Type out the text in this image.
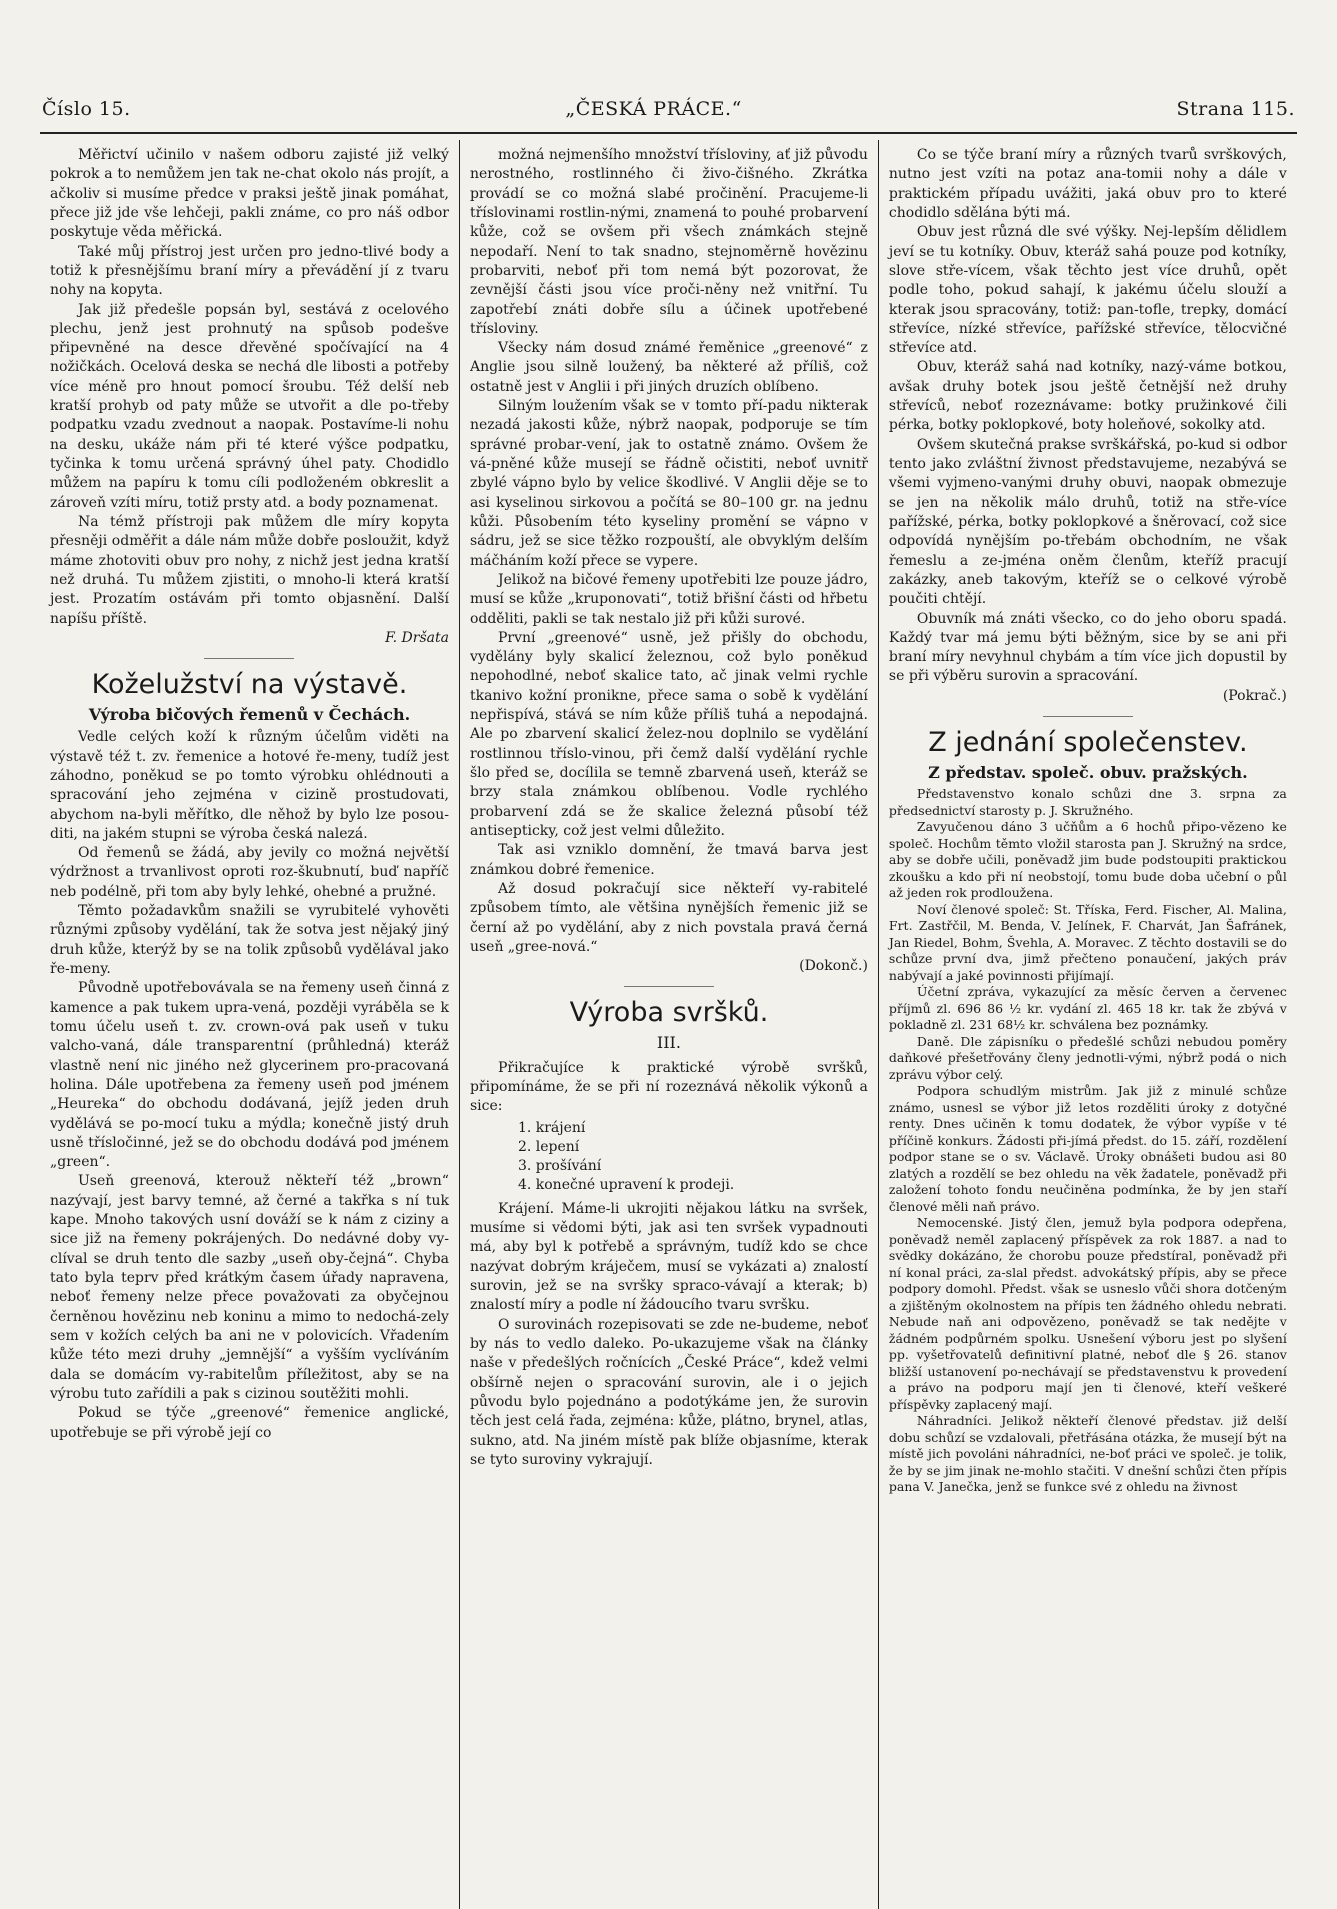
Číslo 15.	„ČESKÁ PRÁCE.“	Strana 115.

Měřictví učinilo v našem odboru zajisté již velký pokrok a to nemůžem jen tak ne-chat okolo nás projít, a ačkoliv si musíme předce v praksi ještě jinak pomáhat, přece již jde vše lehčeji, pakli známe, co pro náš odbor poskytuje věda měřická.

Také můj přístroj jest určen pro jedno-tlivé body a totiž k přesnějšímu braní míry a převádění jí z tvaru nohy na kopyta.

Jak již předešle popsán byl, sestává z ocelového plechu, jenž jest prohnutý na spůsob podešve připevněné na desce dřevěné spočívající na 4 nožičkách. Ocelová deska se nechá dle libosti a potřeby více méně pro hnout pomocí šroubu. Též delší neb kratší prohyb od paty může se utvořit a dle po-třeby podpatku vzadu zvednout a naopak. Postavíme-li nohu na desku, ukáže nám při té které výšce podpatku, tyčinka k tomu určená správný úhel paty. Chodidlo můžem na papíru k tomu cíli podloženém obkreslit a zároveň vzíti míru, totiž prsty atd. a body poznamenat.

Na témž přístroji pak můžem dle míry kopyta přesněji odměřit a dále nám může dobře posloužit, když máme zhotoviti obuv pro nohy, z nichž jest jedna kratší než druhá. Tu můžem zjistiti, o mnoho-li která kratší jest. Prozatím ostávám při tomto objasnění. Další napíšu příště.

F. Dršata

Koželužství na výstavě.
Výroba bičových řemenů v Čechách.

Vedle celých koží k různým účelům viděti na výstavě též t. zv. řemenice a hotové ře-meny, tudíž jest záhodno, poněkud se po tomto výrobku ohlédnouti a spracování jeho zejména v cizině prostudovati, abychom na-byli měřítko, dle něhož by bylo lze posou-diti, na jakém stupni se výroba česká nalezá.

Od řemenů se žádá, aby jevily co možná největší výdržnost a trvanlivost oproti roz-škubnutí, buď napříč neb podélně, při tom aby byly lehké, ohebné a pružné.

Těmto požadavkům snažili se vyrubitelé vyhověti různými způsoby vydělání, tak že sotva jest nějaký jiný druh kůže, kterýž by se na tolik způsobů vydělával jako ře-meny.

Původně upotřebovávala se na řemeny useň činná z kamence a pak tukem upra-vená, později vyráběla se k tomu účelu useň t. zv. crown-ová pak useň v tuku valcho-vaná, dále transparentní (průhledná) kteráž vlastně není nic jiného než glycerinem pro-pracovaná holina. Dále upotřebena za řemeny useň pod jménem „Heureka“ do obchodu dodávaná, jejíž jeden druh vydělává se po-mocí tuku a mýdla; konečně jistý druh usně třísločinné, jež se do obchodu dodává pod jménem „green“.

Useň greenová, kterouž někteří též „brown“ nazývají, jest barvy temné, až černé a takřka s ní tuk kape. Mnoho takových usní dováží se k nám z ciziny a sice již na řemeny pokrájených. Do nedávné doby vy-clíval se druh tento dle sazby „useň oby-čejná“. Chyba tato byla teprv před krátkým časem úřady napravena, neboť řemeny nelze přece považovati za obyčejnou černěnou hovězinu neb koninu a mimo to nedochá-zely sem v kožích celých ba ani ne v polovicích. Vřadením kůže této mezi druhy „jemnější“ a vyšším vyclíváním dala se domácím vy-rabitelům příležitost, aby se na výrobu tuto zařídili a pak s cizinou soutěžiti mohli.

Pokud se týče „greenové“ řemenice anglické, upotřebuje se při výrobě její co

možná nejmenšího množství třísloviny, ať již původu nerostného, rostlinného či živo-čišného. Zkrátka provádí se co možná slabé pročinění. Pracujeme-li tříslovinami rostlin-nými, znamená to pouhé probarvení kůže, což se ovšem při všech známkách stejně nepodaří. Není to tak snadno, stejnoměrně hovězinu probarviti, neboť při tom nemá být pozorovat, že zevnější části jsou více proči-něny než vnitřní. Tu zapotřebí znáti dobře sílu a účinek upotřebené třísloviny.

Všecky nám dosud známé řeměnice „greenové“ z Anglie jsou silně loužený, ba některé až příliš, což ostatně jest v Anglii i při jiných druzích oblíbeno.

Silným loužením však se v tomto pří-padu nikterak nezadá jakosti kůže, nýbrž naopak, podporuje se tím správné probar-vení, jak to ostatně známo. Ovšem že vá-pněné kůže musejí se řádně očistiti, neboť uvnitř zbylé vápno bylo by velice škodlivé. V Anglii děje se to asi kyselinou sirkovou a počítá se 80–100 gr. na jednu kůži. Působením této kyseliny promění se vápno v sádru, jež se sice těžko rozpouští, ale obvyklým delším máčháním koží přece se vypere.

Jelikož na bičové řemeny upotřebiti lze pouze jádro, musí se kůže „kruponovati“, totiž břišní části od hřbetu odděliti, pakli se tak nestalo již při kůži surové.

První „greenové“ usně, jež přišly do obchodu, vydělány byly skalicí železnou, což bylo poněkud nepohodlné, neboť skalice tato, ač jinak velmi rychle tkanivo kožní pronikne, přece sama o sobě k vydělání nepřispívá, stává se ním kůže příliš tuhá a nepodajná. Ale po zbarvení skalicí želez-nou doplnilo se vydělání rostlinnou tříslo-vinou, při čemž další vydělání rychle šlo před se, docílila se temně zbarvená useň, kteráž se brzy stala známkou oblíbenou. Vodle rychlého probarvení zdá se že skalice železná působí též antisepticky, což jest velmi důležito.

Tak asi vzniklo domnění, že tmavá barva jest známkou dobré řemenice.

Až dosud pokračují sice někteří vy-rabitelé způsobem tímto, ale většina nynějších řemenic již se černí až po vydělání, aby z nich povstala pravá černá useň „gree-nová.“

(Dokonč.)

Výroba svršků.
III.

Přikračujíce k praktické výrobě svršků, připomínáme, že se při ní rozeznává několik výkonů a sice:

1. krájení
2. lepení
3. prošívání
4. konečné upravení k prodeji.

Krájení. Máme-li ukrojiti nějakou látku na svršek, musíme si vědomi býti, jak asi ten svršek vypadnouti má, aby byl k potřebě a správným, tudíž kdo se chce nazývat dobrým kráječem, musí se vykázati a) znalostí surovin, jež se na svršky spraco-vávají a kterak; b) znalostí míry a podle ní žádoucího tvaru svršku.

O surovinách rozepisovati se zde ne-budeme, neboť by nás to vedlo daleko. Po-ukazujeme však na články naše v předešlých ročnících „České Práce“, kdež velmi obšírně nejen o spracování surovin, ale i o jejich původu bylo pojednáno a podotýkáme jen, že surovin těch jest celá řada, zejména: kůže, plátno, brynel, atlas, sukno, atd. Na jiném místě pak blíže objasníme, kterak se tyto suroviny vykrajují.

Co se týče braní míry a různých tvarů svrškových, nutno jest vzíti na potaz ana-tomii nohy a dále v praktickém případu uvážiti, jaká obuv pro to které chodidlo sdělána býti má.

Obuv jest různá dle své výšky. Nej-lepším dělidlem jeví se tu kotníky. Obuv, kteráž sahá pouze pod kotníky, slove stře-vícem, však těchto jest více druhů, opět podle toho, pokud sahají, k jakému účelu slouží a kterak jsou spracovány, totiž: pan-tofle, trepky, domácí střevíce, nízké střevíce, pařížské střevíce, tělocvičné střevíce atd.

Obuv, kteráž sahá nad kotníky, nazý-váme botkou, avšak druhy botek jsou ještě četnější než druhy střevíců, neboť rozeznávame: botky pružinkové čili pérka, botky poklopkové, boty holeňové, sokolky atd.

Ovšem skutečná prakse svrškářská, po-kud si odbor tento jako zvláštní živnost představujeme, nezabývá se všemi vyjmeno-vanými druhy obuvi, naopak obmezuje se jen na několik málo druhů, totiž na stře-více pařížské, pérka, botky poklopkové a šněrovací, což sice odpovídá nynějším po-třebám obchodním, ne však řemeslu a ze-jména oněm členům, kteříž pracují zakázky, aneb takovým, kteříž se o celkové výrobě poučiti chtějí.

Obuvník má znáti všecko, co do jeho oboru spadá. Každý tvar má jemu býti běžným, sice by se ani při braní míry nevyhnul chybám a tím více jich dopustil by se při výběru surovin a spracování.

(Pokrač.)

Z jednání společenstev.
Z představ. společ. obuv. pražských.

Představenstvo konalo schůzi dne 3. srpna za předsednictví starosty p. J. Skružného.

Zavyučenou dáno 3 učňům a 6 hochů připo-vězeno ke společ. Hochům těmto vložil starosta pan J. Skružný na srdce, aby se dobře učili, poněvadž jim bude podstoupiti praktickou zkoušku a kdo při ní neobstojí, tomu bude doba učební o půl až jeden rok prodloužena.

Noví členové společ: St. Tříska, Ferd. Fischer, Al. Malina, Frt. Zastřčil, M. Benda, V. Jelínek, F. Charvát, Jan Šafránek, Jan Riedel, Bohm, Švehla, A. Moravec. Z těchto dostavili se do schůze první dva, jimž přečteno ponaučení, jakých práv nabývají a jaké povinnosti přijímají.

Účetní zpráva, vykazující za měsíc červen a červenec příjmů zl. 696 86 ½ kr. vydání zl. 465 18 kr. tak že zbývá v pokladně zl. 231 68½ kr. schválena bez poznámky.

Daně. Dle zápisníku o předešlé schůzi nebudou poměry daňkové přešetřovány členy jednotli-vými, nýbrž podá o nich zprávu výbor celý.

Podpora schudlým mistrům. Jak již z minulé schůze známo, usnesl se výbor již letos rozděliti úroky z dotyčné renty. Dnes učiněn k tomu dodatek, že výbor vypíše v té příčině konkurs. Žádosti při-jímá předst. do 15. září, rozdělení podpor stane se o sv. Václavě. Úroky obnášeti budou asi 80 zlatých a rozdělí se bez ohledu na věk žadatele, poněvadž při založení tohoto fondu neučiněna podmínka, že by jen staří členové měli naň právo.

Nemocenské. Jistý člen, jemuž byla podpora odepřena, poněvadž neměl zaplacený příspěvek za rok 1887. a nad to svědky dokázáno, že chorobu pouze předstíral, poněvadž při ní konal práci, za-slal předst. advokátský přípis, aby se přece podpory domohl. Předst. však se usneslo vůči shora dotčeným a zjištěným okolnostem na přípis ten žádného ohledu nebrati. Nebude naň ani odpovězeno, poněvadž se tak nedějte v žádném podpůrném spolku. Usnešení výboru jest po slyšení pp. vyšetřovatelů definitivní platné, neboť dle § 26. stanov bližší ustanovení po-nechávají se představenstvu k provedení a právo na podporu mají jen ti členové, kteří veškeré příspěvky zaplacený mají.

Náhradníci. Jelikož někteří členové představ. již delší dobu schůzí se vzdalovali, přetřásána otázka, že musejí být na místě jich povoláni náhradníci, ne-boť práci ve společ. je tolik, že by se jim jinak ne-mohlo stačiti. V dnešní schůzi čten přípis pana V. Janečka, jenž se funkce své z ohledu na živnost
